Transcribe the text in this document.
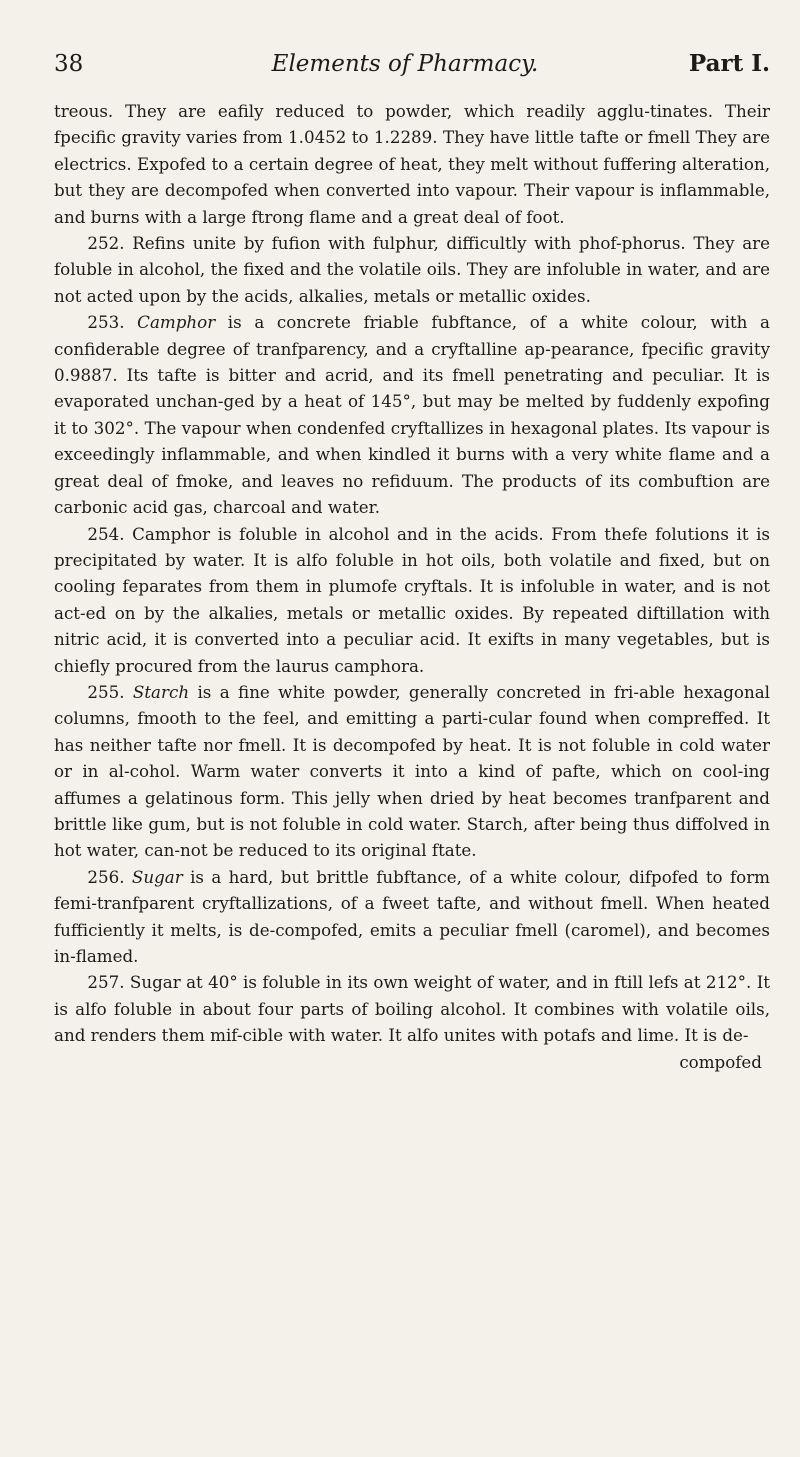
38	Elements of Pharmacy.	Part I.

treous. They are eafily reduced to powder, which readily agglu-tinates. Their fpecific gravity varies from 1.0452 to 1.2289. They have little tafte or fmell They are electrics. Expofed to a certain degree of heat, they melt without fuffering alteration, but they are decompofed when converted into vapour. Their vapour is inflammable, and burns with a large ftrong flame and a great deal of foot.

252. Refins unite by fufion with fulphur, difficultly with phof-phorus. They are foluble in alcohol, the fixed and the volatile oils. They are infoluble in water, and are not acted upon by the acids, alkalies, metals or metallic oxides.

253. Camphor is a concrete friable fubftance, of a white colour, with a confiderable degree of tranfparency, and a cryftalline ap-pearance, fpecific gravity 0.9887. Its tafte is bitter and acrid, and its fmell penetrating and peculiar. It is evaporated unchan-ged by a heat of 145°, but may be melted by fuddenly expofing it to 302°. The vapour when condenfed cryftallizes in hexagonal plates. Its vapour is exceedingly inflammable, and when kindled it burns with a very white flame and a great deal of fmoke, and leaves no refiduum. The products of its combuftion are carbonic acid gas, charcoal and water.

254. Camphor is foluble in alcohol and in the acids. From thefe folutions it is precipitated by water. It is alfo foluble in hot oils, both volatile and fixed, but on cooling feparates from them in plumofe cryftals. It is infoluble in water, and is not act-ed on by the alkalies, metals or metallic oxides. By repeated diftillation with nitric acid, it is converted into a peculiar acid. It exifts in many vegetables, but is chiefly procured from the laurus camphora.

255. Starch is a fine white powder, generally concreted in fri-able hexagonal columns, fmooth to the feel, and emitting a parti-cular found when compreffed. It has neither tafte nor fmell. It is decompofed by heat. It is not foluble in cold water or in al-cohol. Warm water converts it into a kind of pafte, which on cool-ing affumes a gelatinous form. This jelly when dried by heat becomes tranfparent and brittle like gum, but is not foluble in cold water. Starch, after being thus diffolved in hot water, can-not be reduced to its original ftate.

256. Sugar is a hard, but brittle fubftance, of a white colour, difpofed to form femi-tranfparent cryftallizations, of a fweet tafte, and without fmell. When heated fufficiently it melts, is de-compofed, emits a peculiar fmell (caromel), and becomes in-flamed.

257. Sugar at 40° is foluble in its own weight of water, and in ftill lefs at 212°. It is alfo foluble in about four parts of boiling alcohol. It combines with volatile oils, and renders them mif-cible with water. It alfo unites with potafs and lime. It is de-

compofed
